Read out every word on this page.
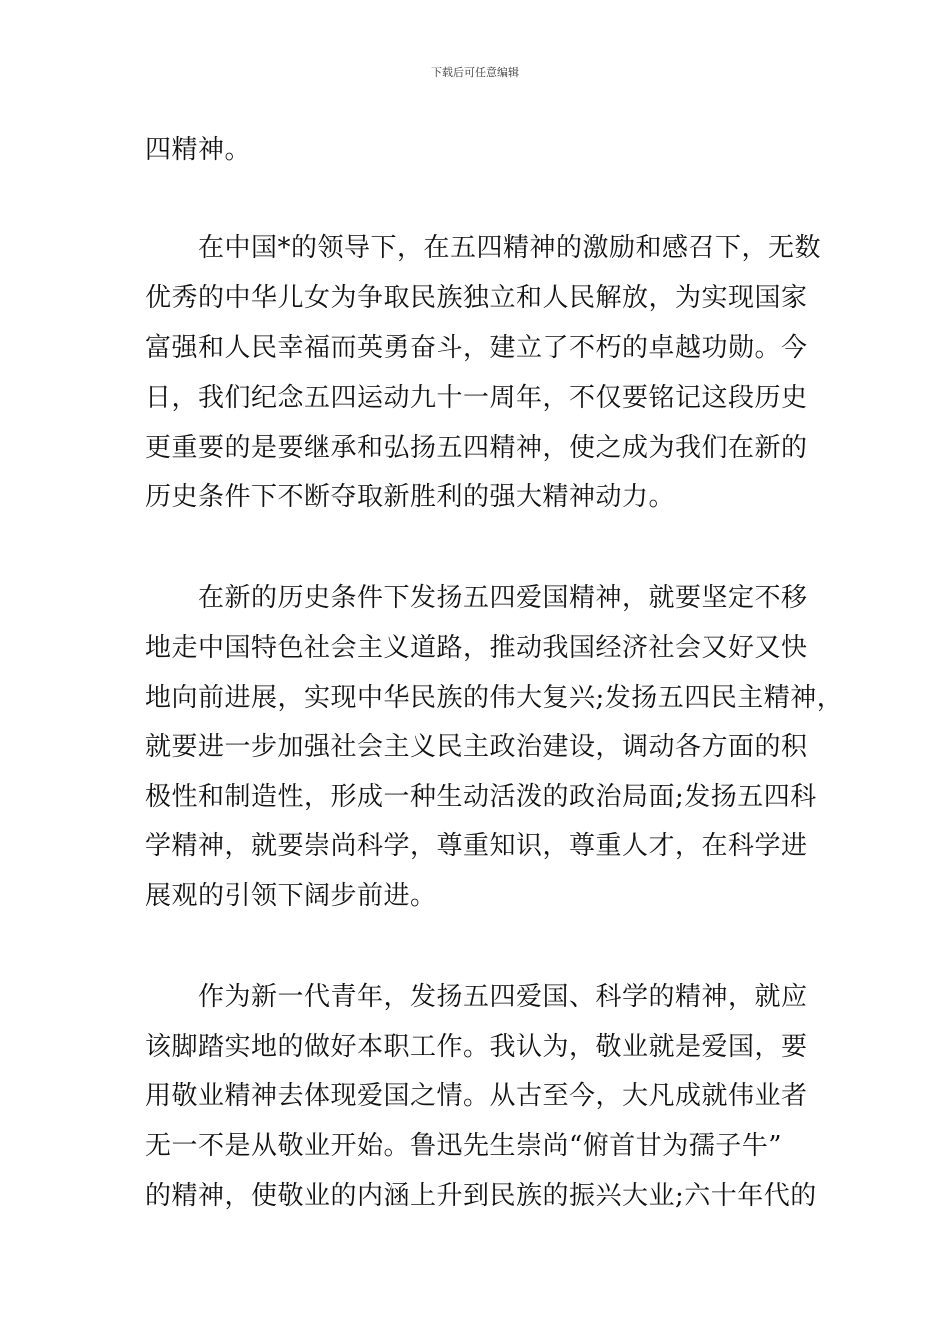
下载后可任意编辑
四精神。
在中国*的领导下，在五四精神的激励和感召下，无数
优秀的中华儿女为争取民族独立和人民解放，为实现国家
富强和人民幸福而英勇奋斗，建立了不朽的卓越功勋。今
日，我们纪念五四运动九十一周年，不仅要铭记这段历史
更重要的是要继承和弘扬五四精神，使之成为我们在新的
历史条件下不断夺取新胜利的强大精神动力。
在新的历史条件下发扬五四爱国精神，就要坚定不移
地走中国特色社会主义道路，推动我国经济社会又好又快
地向前进展，实现中华民族的伟大复兴;发扬五四民主精神，
就要进一步加强社会主义民主政治建设，调动各方面的积
极性和制造性，形成一种生动活泼的政治局面;发扬五四科
学精神，就要崇尚科学，尊重知识，尊重人才，在科学进
展观的引领下阔步前进。
作为新一代青年，发扬五四爱国、科学的精神，就应
该脚踏实地的做好本职工作。我认为，敬业就是爱国，要
用敬业精神去体现爱国之情。从古至今，大凡成就伟业者
无一不是从敬业开始。鲁迅先生崇尚“俯首甘为孺子牛”
的精神，使敬业的内涵上升到民族的振兴大业;六十年代的
